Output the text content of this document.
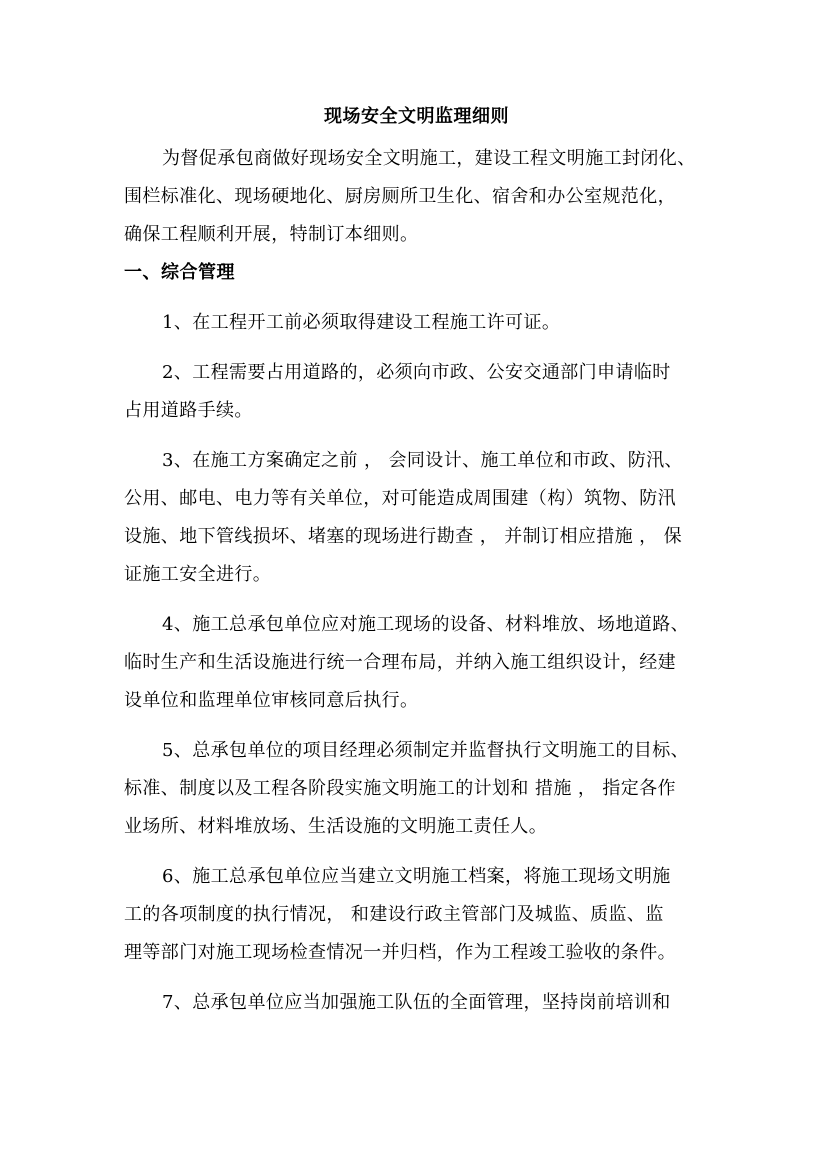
现场安全文明监理细则

为督促承包商做好现场安全文明施工，建设工程文明施工封闭化、
围栏标准化、现场硬地化、厨房厕所卫生化、宿舍和办公室规范化，
确保工程顺利开展，特制订本细则。

一、综合管理

1、在工程开工前必须取得建设工程施工许可证。

2、工程需要占用道路的，必须向市政、公安交通部门申请临时
占用道路手续。

3、在施工方案确定之前 ， 会同设计、施工单位和市政、防汛、
公用、邮电、电力等有关单位，对可能造成周围建（构）筑物、防汛
设施、地下管线损坏、堵塞的现场进行勘查 ， 并制订相应措施 ， 保
证施工安全进行。

4、施工总承包单位应对施工现场的设备、材料堆放、场地道路、
临时生产和生活设施进行统一合理布局，并纳入施工组织设计，经建
设单位和监理单位审核同意后执行。

5、总承包单位的项目经理必须制定并监督执行文明施工的目标、
标准、制度以及工程各阶段实施文明施工的计划和 措施 ， 指定各作
业场所、材料堆放场、生活设施的文明施工责任人。

6、施工总承包单位应当建立文明施工档案，将施工现场文明施
工的各项制度的执行情况， 和建设行政主管部门及城监、质监、监
理等部门对施工现场检查情况一并归档，作为工程竣工验收的条件。

7、总承包单位应当加强施工队伍的全面管理，坚持岗前培训和
